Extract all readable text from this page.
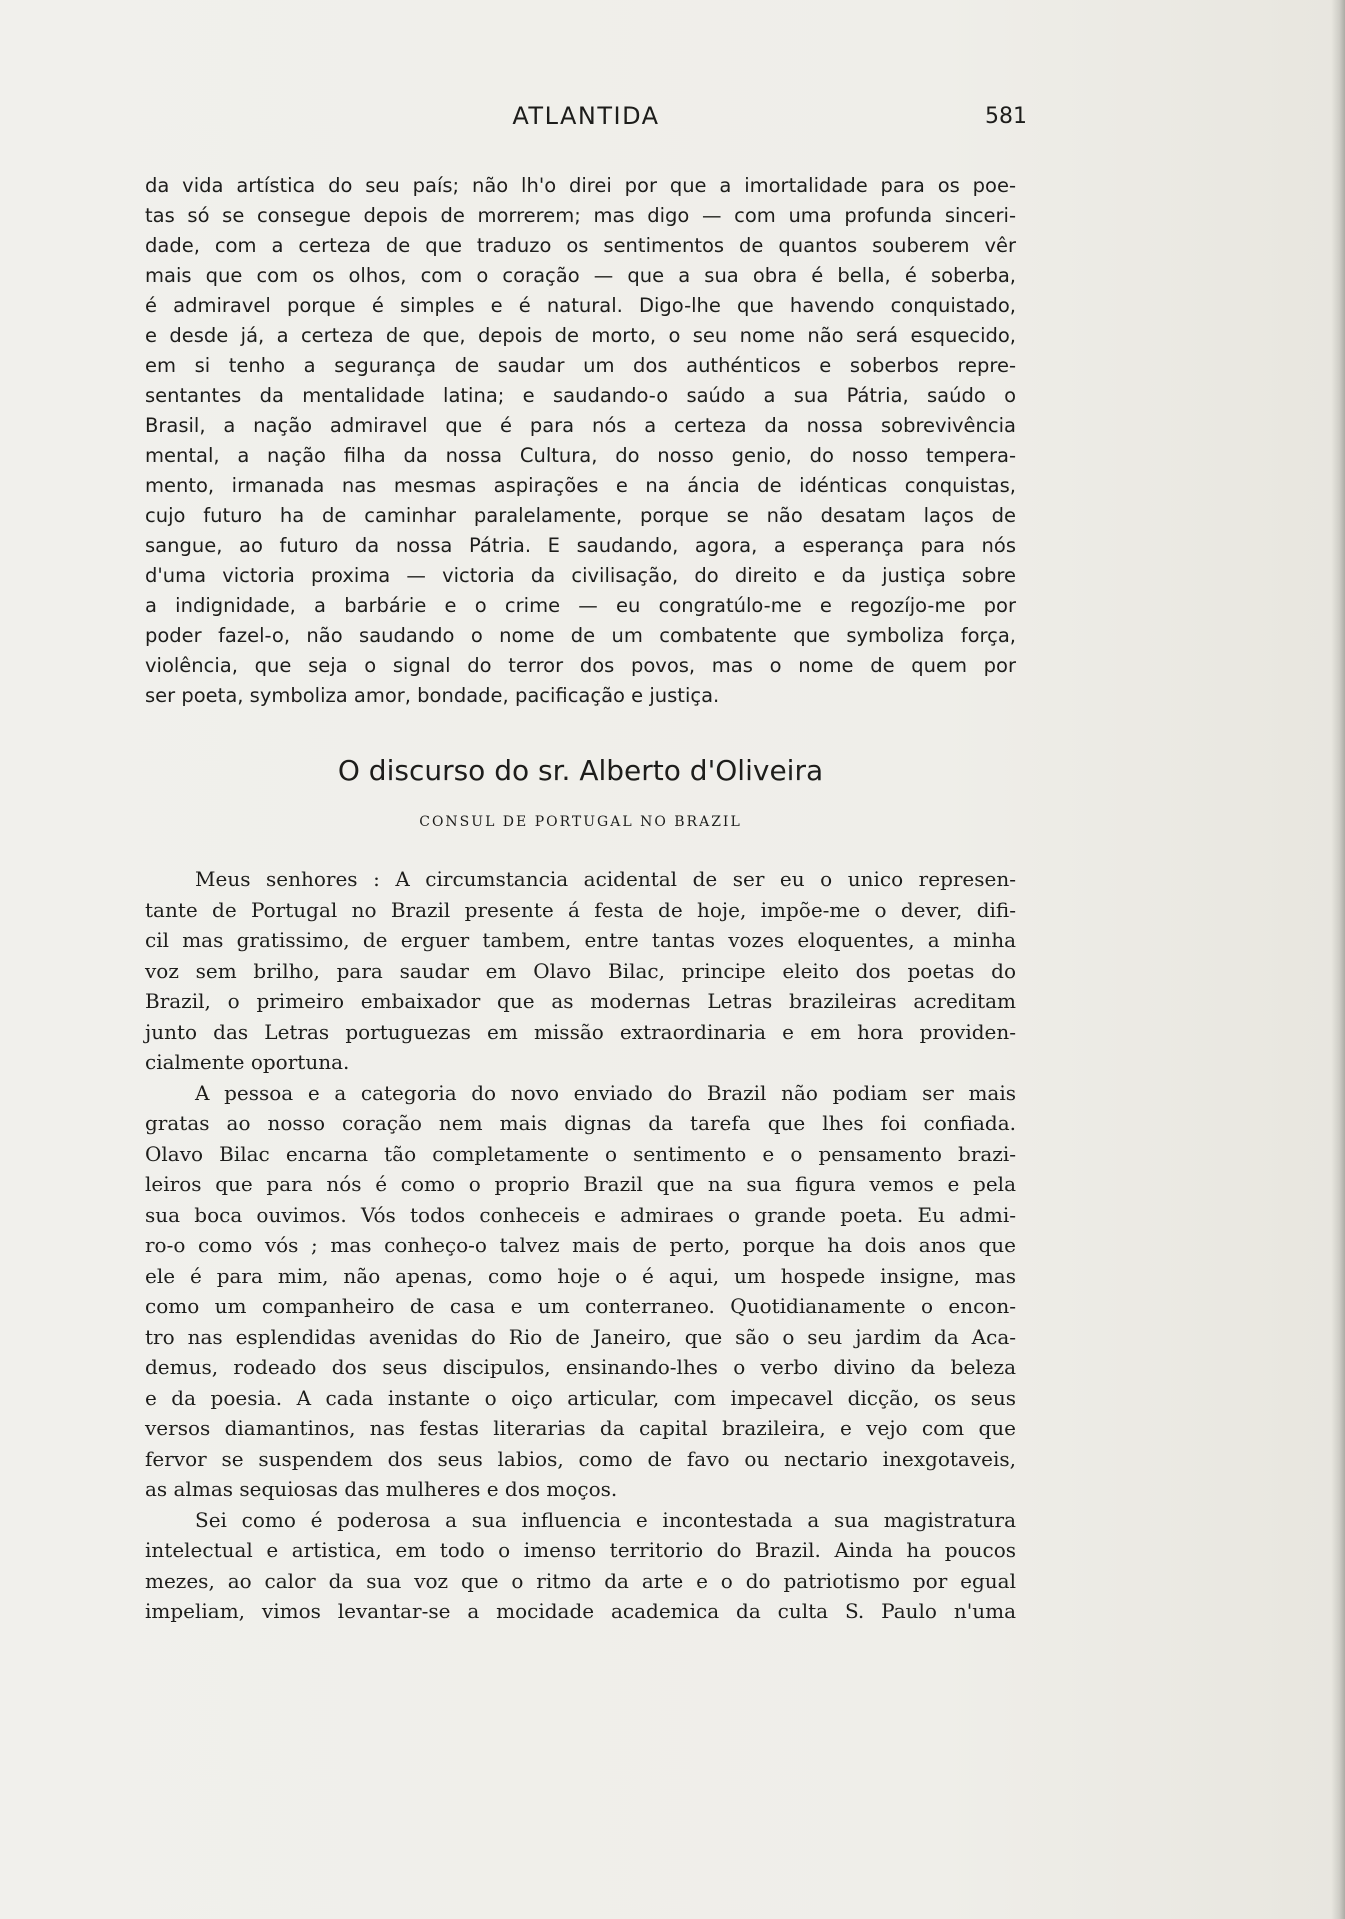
ATLANTIDA	581
da vida artística do seu país; não lh'o direi por que a imortalidade para os poe-
tas só se consegue depois de morrerem; mas digo — com uma profunda sinceri-
dade, com a certeza de que traduzo os sentimentos de quantos souberem vêr
mais que com os olhos, com o coração — que a sua obra é bella, é soberba,
é admiravel porque é simples e é natural. Digo-lhe que havendo conquistado,
e desde já, a certeza de que, depois de morto, o seu nome não será esquecido,
em si tenho a segurança de saudar um dos authénticos e soberbos repre-
sentantes da mentalidade latina; e saudando-o saúdo a sua Pátria, saúdo o
Brasil, a nação admiravel que é para nós a certeza da nossa sobrevivência
mental, a nação filha da nossa Cultura, do nosso genio, do nosso tempera-
mento, irmanada nas mesmas aspirações e na áncia de idénticas conquistas,
cujo futuro ha de caminhar paralelamente, porque se não desatam laços de
sangue, ao futuro da nossa Pátria. E saudando, agora, a esperança para nós
d'uma victoria proxima — victoria da civilisação, do direito e da justiça sobre
a indignidade, a barbárie e o crime — eu congratúlo-me e regozíjo-me por
poder fazel-o, não saudando o nome de um combatente que symboliza força,
violência, que seja o signal do terror dos povos, mas o nome de quem por
ser poeta, symboliza amor, bondade, pacificação e justiça.
O discurso do sr. Alberto d'Oliveira
CONSUL DE PORTUGAL NO BRAZIL
Meus senhores : A circumstancia acidental de ser eu o unico represen-
tante de Portugal no Brazil presente á festa de hoje, impõe-me o dever, difi-
cil mas gratissimo, de erguer tambem, entre tantas vozes eloquentes, a minha
voz sem brilho, para saudar em Olavo Bilac, principe eleito dos poetas do
Brazil, o primeiro embaixador que as modernas Letras brazileiras acreditam
junto das Letras portuguezas em missão extraordinaria e em hora providen-
cialmente oportuna.
A pessoa e a categoria do novo enviado do Brazil não podiam ser mais
gratas ao nosso coração nem mais dignas da tarefa que lhes foi confiada.
Olavo Bilac encarna tão completamente o sentimento e o pensamento brazi-
leiros que para nós é como o proprio Brazil que na sua figura vemos e pela
sua boca ouvimos. Vós todos conheceis e admiraes o grande poeta. Eu admi-
ro-o como vós ; mas conheço-o talvez mais de perto, porque ha dois anos que
ele é para mim, não apenas, como hoje o é aqui, um hospede insigne, mas
como um companheiro de casa e um conterraneo. Quotidianamente o encon-
tro nas esplendidas avenidas do Rio de Janeiro, que são o seu jardim da Aca-
demus, rodeado dos seus discipulos, ensinando-lhes o verbo divino da beleza
e da poesia. A cada instante o oiço articular, com impecavel dicção, os seus
versos diamantinos, nas festas literarias da capital brazileira, e vejo com que
fervor se suspendem dos seus labios, como de favo ou nectario inexgotaveis,
as almas sequiosas das mulheres e dos moços.
Sei como é poderosa a sua influencia e incontestada a sua magistratura
intelectual e artistica, em todo o imenso territorio do Brazil. Ainda ha poucos
mezes, ao calor da sua voz que o ritmo da arte e o do patriotismo por egual
impeliam, vimos levantar-se a mocidade academica da culta S. Paulo n'uma
